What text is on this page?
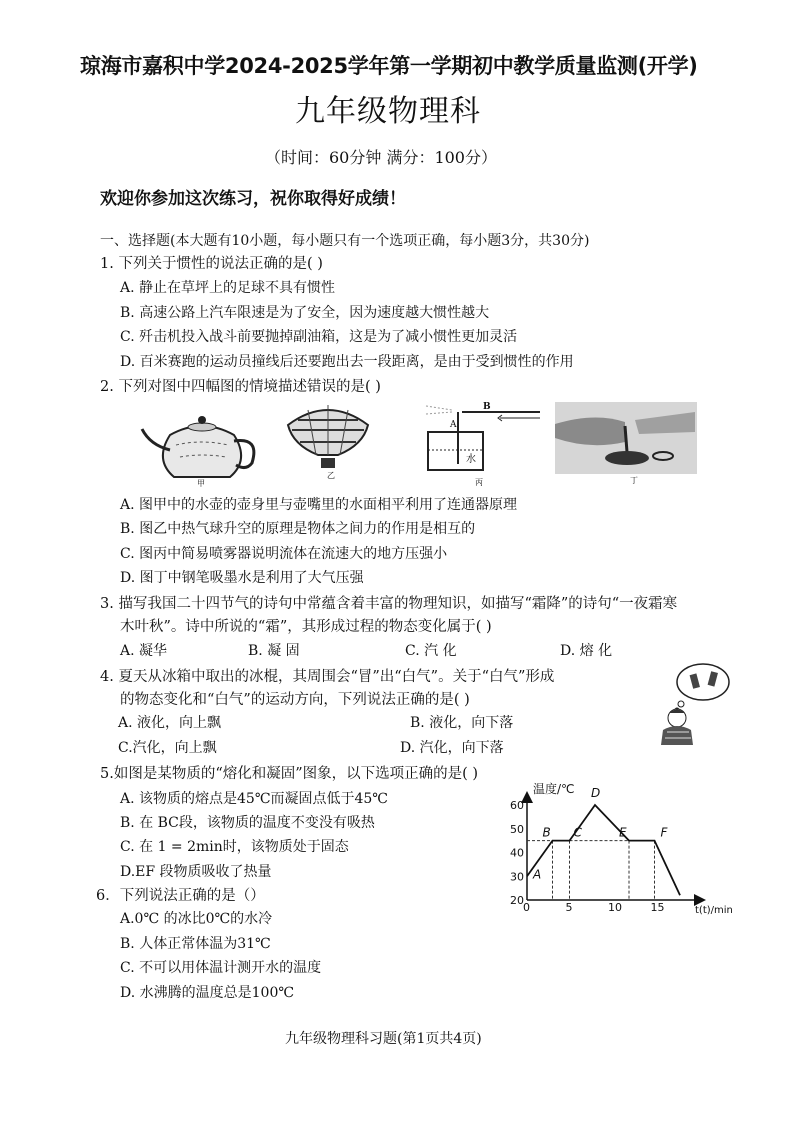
琼海市嘉积中学2024-2025学年第一学期初中教学质量监测(开学)
九年级物理科
（时间：60分钟 满分：100分）
欢迎你参加这次练习，祝你取得好成绩！
一、选择题(本大题有10小题，每小题只有一个选项正确，每小题3分，共30分)
1. 下列关于惯性的说法正确的是( )
A. 静止在草坪上的足球不具有惯性
B. 高速公路上汽车限速是为了安全，因为速度越大惯性越大
C. 歼击机投入战斗前要抛掉副油箱，这是为了减小惯性更加灵活
D. 百米赛跑的运动员撞线后还要跑出去一段距离，是由于受到惯性的作用
2. 下列对图中四幅图的情境描述错误的是( )
甲
乙
B
A
水
丙	丁
A. 图甲中的水壶的壶身里与壶嘴里的水面相平利用了连通器原理
B. 图乙中热气球升空的原理是物体之间力的作用是相互的
C. 图丙中简易喷雾器说明流体在流速大的地方压强小
D. 图丁中钢笔吸墨水是利用了大气压强
3. 描写我国二十四节气的诗句中常蕴含着丰富的物理知识，如描写“霜降”的诗句“一夜霜寒
木叶秋”。诗中所说的“霜”，其形成过程的物态变化属于( )
A. 凝华	B. 凝 固	C. 汽 化	D. 熔 化
4. 夏天从冰箱中取出的冰棍，其周围会“冒”出“白气”。关于“白气”形成
的物态变化和“白气”的运动方向，下列说法正确的是( )
A. 液化，向上飘	B. 液化，向下落
C.汽化，向上飘	D. 汽化，向下落
5.如图是某物质的“熔化和凝固”图象，以下选项正确的是( )
A. 该物质的熔点是45℃而凝固点低于45℃
B. 在 BC段，该物质的温度不变没有吸热
C. 在 1 = 2min时，该物质处于固态
D.EF 段物质吸收了热量
0	5	10	15
20
30
40
50
60
A
B C
D
E	F
温度/℃
t(t)/min
6．下列说法正确的是（）
A.0℃ 的冰比0℃的水冷
B. 人体正常体温为31℃
C. 不可以用体温计测开水的温度
D. 水沸腾的温度总是100℃
九年级物理科习题(第1页共4页)
